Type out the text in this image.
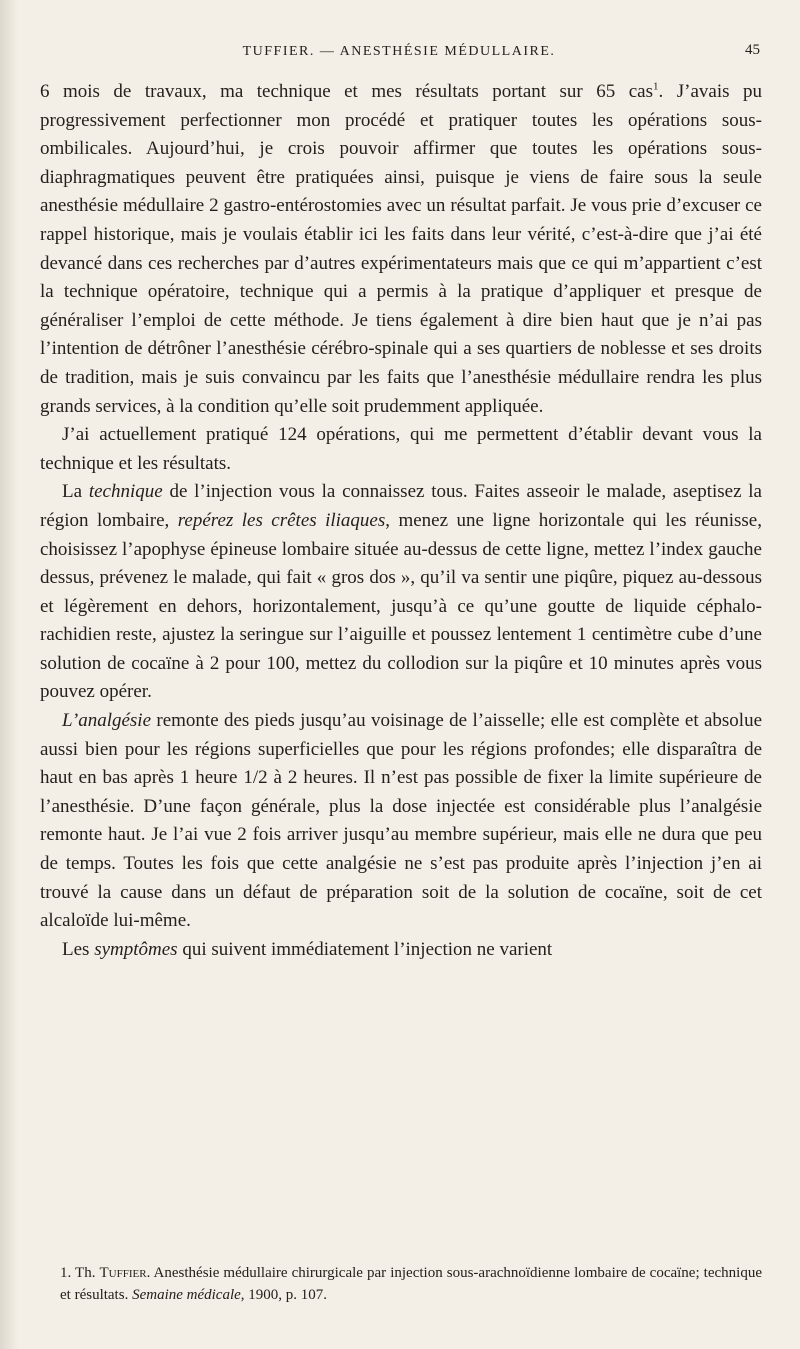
TUFFIER. — ANESTHÉSIE MÉDULLAIRE.	45

6 mois de travaux, ma technique et mes résultats portant sur 65 cas$^1$. J’avais pu progressivement perfectionner mon procédé et pratiquer toutes les opérations sous-ombilicales. Aujourd’hui, je crois pouvoir affirmer que toutes les opérations sous-diaphragmatiques peuvent être pratiquées ainsi, puisque je viens de faire sous la seule anesthésie médullaire 2 gastro-entérostomies avec un résultat parfait. Je vous prie d’excuser ce rappel historique, mais je voulais établir ici les faits dans leur vérité, c’est-à-dire que j’ai été devancé dans ces recherches par d’autres expérimentateurs mais que ce qui m’appartient c’est la technique opératoire, technique qui a permis à la pratique d’appliquer et presque de généraliser l’emploi de cette méthode. Je tiens également à dire bien haut que je n’ai pas l’intention de détrôner l’anesthésie cérébro-spinale qui a ses quartiers de noblesse et ses droits de tradition, mais je suis convaincu par les faits que l’anesthésie médullaire rendra les plus grands services, à la condition qu’elle soit prudemment appliquée.

J’ai actuellement pratiqué 124 opérations, qui me permettent d’établir devant vous la technique et les résultats.

La technique de l’injection vous la connaissez tous. Faites asseoir le malade, aseptisez la région lombaire, repérez les crêtes iliaques, menez une ligne horizontale qui les réunisse, choisissez l’apophyse épineuse lombaire située au-dessus de cette ligne, mettez l’index gauche dessus, prévenez le malade, qui fait « gros dos », qu’il va sentir une piqûre, piquez au-dessous et légèrement en dehors, horizontalement, jusqu’à ce qu’une goutte de liquide céphalo-rachidien reste, ajustez la seringue sur l’aiguille et poussez lentement 1 centimètre cube d’une solution de cocaïne à 2 pour 100, mettez du collodion sur la piqûre et 10 minutes après vous pouvez opérer.

L’analgésie remonte des pieds jusqu’au voisinage de l’aisselle; elle est complète et absolue aussi bien pour les régions superficielles que pour les régions profondes; elle disparaîtra de haut en bas après 1 heure 1/2 à 2 heures. Il n’est pas possible de fixer la limite supérieure de l’anesthésie. D’une façon générale, plus la dose injectée est considérable plus l’analgésie remonte haut. Je l’ai vue 2 fois arriver jusqu’au membre supérieur, mais elle ne dura que peu de temps. Toutes les fois que cette analgésie ne s’est pas produite après l’injection j’en ai trouvé la cause dans un défaut de préparation soit de la solution de cocaïne, soit de cet alcaloïde lui-même.

Les symptômes qui suivent immédiatement l’injection ne varient

1. Th. Tuffier. Anesthésie médullaire chirurgicale par injection sous-arachnoïdienne lombaire de cocaïne; technique et résultats. Semaine médicale, 1900, p. 107.
